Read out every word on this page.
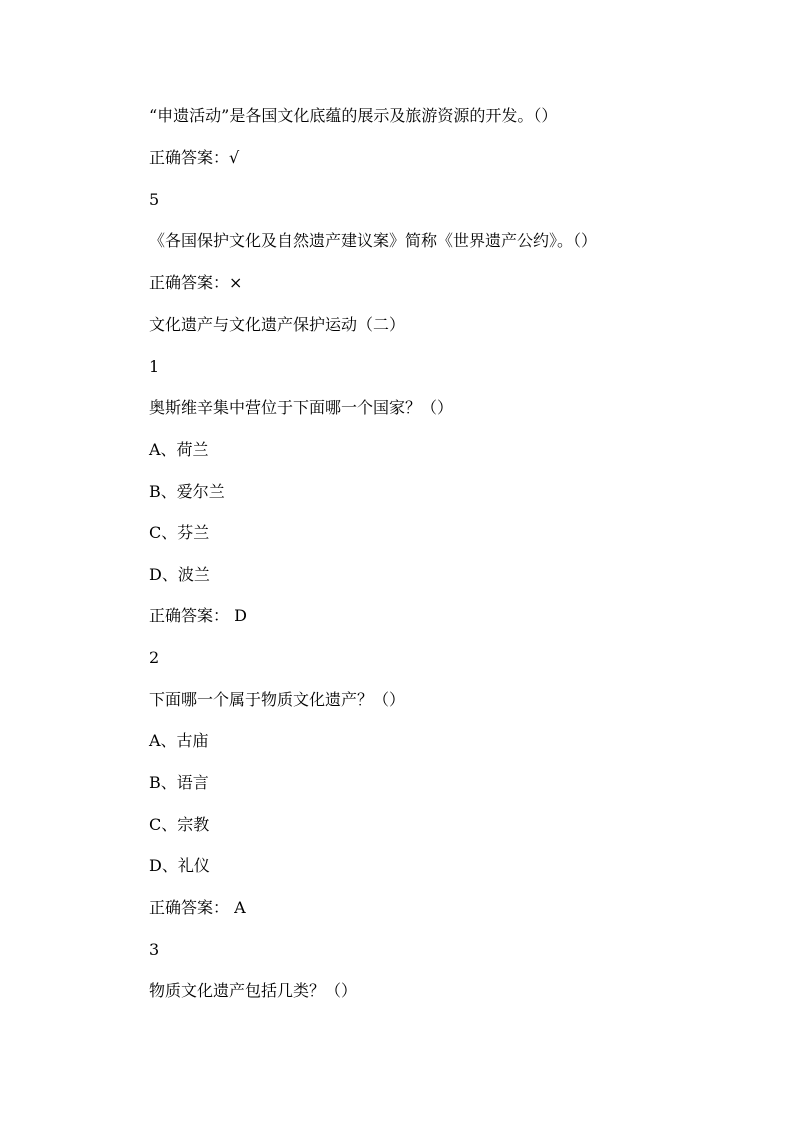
“申遗活动”是各国文化底蕴的展示及旅游资源的开发。（）
正确答案：√
5
《各国保护文化及自然遗产建议案》简称《世界遗产公约》。（）
正确答案：×
文化遗产与文化遗产保护运动（二）
1
奥斯维辛集中营位于下面哪一个国家？（）
A、荷兰
B、爱尔兰
C、芬兰
D、波兰
正确答案： D
2
下面哪一个属于物质文化遗产？（）
A、古庙
B、语言
C、宗教
D、礼仪
正确答案： A
3
物质文化遗产包括几类？（）
